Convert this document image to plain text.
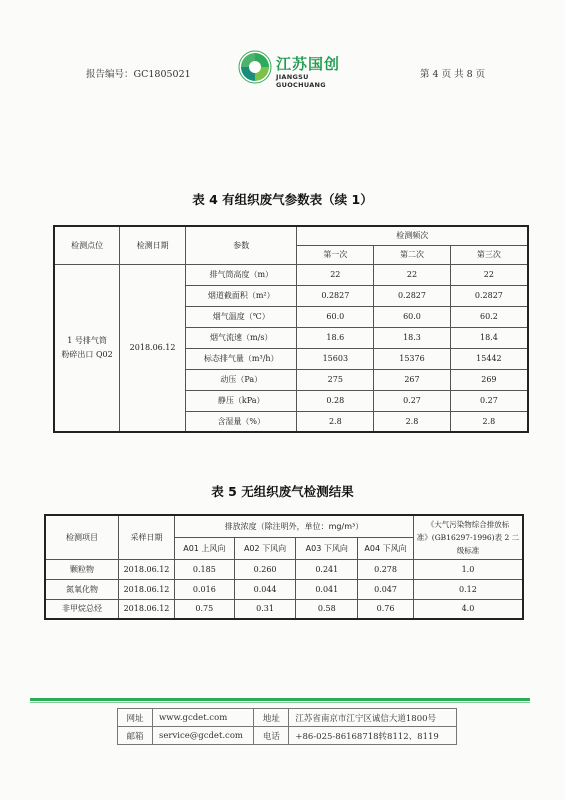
报告编号：GC1805021
江苏国创
JIANGSU GUOCHUANG
第 4 页 共 8 页
表 4 有组织废气参数表（续 1）
检测点位	检测日期	参数	检测频次		
			第一次	第二次	第三次

1 号排气筒
粉碎出口 Q02	2018.06.12	排气筒高度（m）	22	22	22
		烟道截面积（m²）	0.2827	0.2827	0.2827
		烟气温度（℃）	60.0	60.0	60.2
		烟气流速（m/s）	18.6	18.3	18.4
		标态排气量（m³/h）	15603	15376	15442
		动压（Pa）	275	267	269
		静压（kPa）	0.28	0.27	0.27
		含湿量（%）	2.8	2.8	2.8
表 5 无组织废气检测结果
检测项目	采样日期	排放浓度（除注明外，单位：mg/m³）				《大气污染物综合排放标
准》(GB16297-1996)表 2 二
级标准

		A01 上风向	A02 下风向	A03 下风向	A04 下风向	
颗粒物	2018.06.12	0.185	0.260	0.241	0.278	1.0
氮氧化物	2018.06.12	0.016	0.044	0.041	0.047	0.12
非甲烷总烃	2018.06.12	0.75	0.31	0.58	0.76	4.0
网址	www.gcdet.com	地址	江苏省南京市江宁区诚信大道1800号
邮箱	service@gcdet.com	电话	+86-025-86168718转8112、8119
